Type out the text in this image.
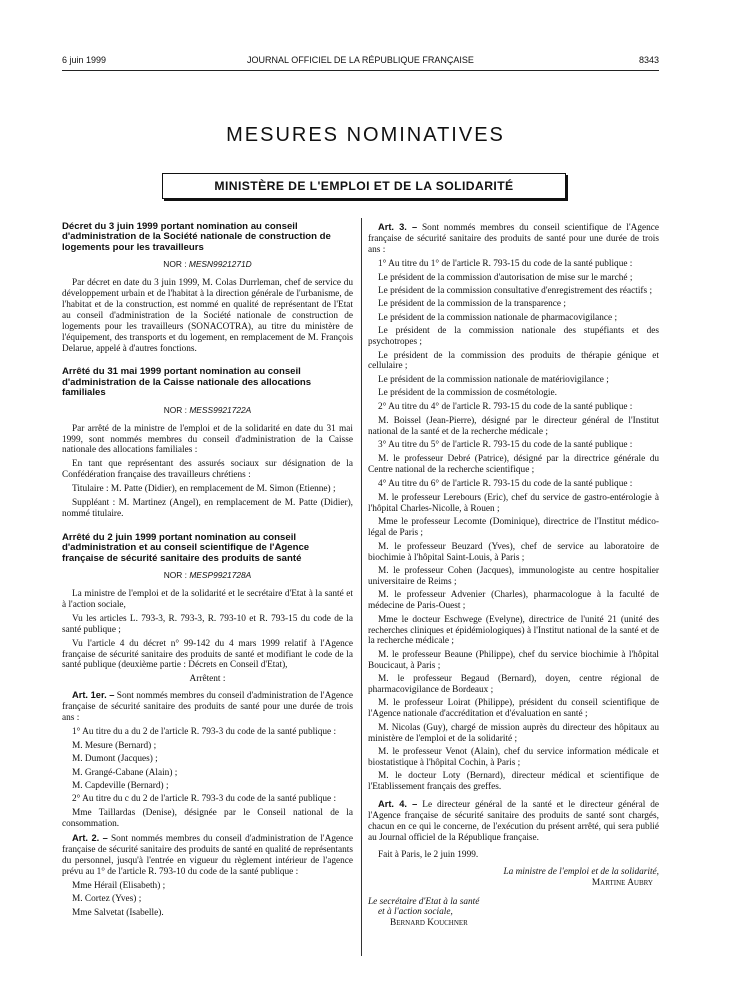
6 juin 1999	JOURNAL OFFICIEL DE LA RÉPUBLIQUE FRANÇAISE	8343
MESURES NOMINATIVES
MINISTÈRE DE L'EMPLOI ET DE LA SOLIDARITÉ
Décret du 3 juin 1999 portant nomination au conseil d'administration de la Société nationale de construction de logements pour les travailleurs
NOR : MESN9921271D

Par décret en date du 3 juin 1999, M. Colas Durrleman, chef de service du développement urbain et de l'habitat à la direction générale de l'urbanisme, de l'habitat et de la construction, est nommé en qualité de représentant de l'Etat au conseil d'administration de la Société nationale de construction de logements pour les travailleurs (SONACOTRA), au titre du ministère de l'équipement, des transports et du logement, en remplacement de M. François Delarue, appelé à d'autres fonctions.

Arrêté du 31 mai 1999 portant nomination au conseil d'administration de la Caisse nationale des allocations familiales
NOR : MESS9921722A

Par arrêté de la ministre de l'emploi et de la solidarité en date du 31 mai 1999, sont nommés membres du conseil d'administration de la Caisse nationale des allocations familiales :

En tant que représentant des assurés sociaux sur désignation de la Confédération française des travailleurs chrétiens :

Titulaire : M. Patte (Didier), en remplacement de M. Simon (Etienne) ;

Suppléant : M. Martinez (Angel), en remplacement de M. Patte (Didier), nommé titulaire.

Arrêté du 2 juin 1999 portant nomination au conseil d'administration et au conseil scientifique de l'Agence française de sécurité sanitaire des produits de santé
NOR : MESP9921728A

La ministre de l'emploi et de la solidarité et le secrétaire d'Etat à la santé et à l'action sociale,

Vu les articles L. 793-3, R. 793-3, R. 793-10 et R. 793-15 du code de la santé publique ;

Vu l'article 4 du décret n° 99-142 du 4 mars 1999 relatif à l'Agence française de sécurité sanitaire des produits de santé et modifiant le code de la santé publique (deuxième partie : Décrets en Conseil d'Etat),

Arrêtent :

Art. 1er. – Sont nommés membres du conseil d'administration de l'Agence française de sécurité sanitaire des produits de santé pour une durée de trois ans :

1° Au titre du a du 2 de l'article R. 793-3 du code de la santé publique :

M. Mesure (Bernard) ;

M. Dumont (Jacques) ;

M. Grangé-Cabane (Alain) ;

M. Capdeville (Bernard) ;

2° Au titre du c du 2 de l'article R. 793-3 du code de la santé publique :

Mme Taillardas (Denise), désignée par le Conseil national de la consommation.

Art. 2. – Sont nommés membres du conseil d'administration de l'Agence française de sécurité sanitaire des produits de santé en qualité de représentants du personnel, jusqu'à l'entrée en vigueur du règlement intérieur de l'agence prévu au 1° de l'article R. 793-10 du code de la santé publique :

Mme Hérail (Elisabeth) ;

M. Cortez (Yves) ;

Mme Salvetat (Isabelle).

Art. 3. – Sont nommés membres du conseil scientifique de l'Agence française de sécurité sanitaire des produits de santé pour une durée de trois ans :

1° Au titre du 1° de l'article R. 793-15 du code de la santé publique :

Le président de la commission d'autorisation de mise sur le marché ;

Le président de la commission consultative d'enregistrement des réactifs ;

Le président de la commission de la transparence ;

Le président de la commission nationale de pharmacovigilance ;

Le président de la commission nationale des stupéfiants et des psychotropes ;

Le président de la commission des produits de thérapie génique et cellulaire ;

Le président de la commission nationale de matériovigilance ;

Le président de la commission de cosmétologie.

2° Au titre du 4° de l'article R. 793-15 du code de la santé publique :

M. Boissel (Jean-Pierre), désigné par le directeur général de l'Institut national de la santé et de la recherche médicale ;

3° Au titre du 5° de l'article R. 793-15 du code de la santé publique :

M. le professeur Debré (Patrice), désigné par la directrice générale du Centre national de la recherche scientifique ;

4° Au titre du 6° de l'article R. 793-15 du code de la santé publique :

M. le professeur Lerebours (Eric), chef du service de gastro-entérologie à l'hôpital Charles-Nicolle, à Rouen ;

Mme le professeur Lecomte (Dominique), directrice de l'Institut médico-légal de Paris ;

M. le professeur Beuzard (Yves), chef de service au laboratoire de biochimie à l'hôpital Saint-Louis, à Paris ;

M. le professeur Cohen (Jacques), immunologiste au centre hospitalier universitaire de Reims ;

M. le professeur Advenier (Charles), pharmacologue à la faculté de médecine de Paris-Ouest ;

Mme le docteur Eschwege (Evelyne), directrice de l'unité 21 (unité des recherches cliniques et épidémiologiques) à l'Institut national de la santé et de la recherche médicale ;

M. le professeur Beaune (Philippe), chef du service biochimie à l'hôpital Boucicaut, à Paris ;

M. le professeur Begaud (Bernard), doyen, centre régional de pharmacovigilance de Bordeaux ;

M. le professeur Loirat (Philippe), président du conseil scientifique de l'Agence nationale d'accréditation et d'évaluation en santé ;

M. Nicolas (Guy), chargé de mission auprès du directeur des hôpitaux au ministère de l'emploi et de la solidarité ;

M. le professeur Venot (Alain), chef du service information médicale et biostatistique à l'hôpital Cochin, à Paris ;

M. le docteur Loty (Bernard), directeur médical et scientifique de l'Etablissement français des greffes.

Art. 4. – Le directeur général de la santé et le directeur général de l'Agence française de sécurité sanitaire des produits de santé sont chargés, chacun en ce qui le concerne, de l'exécution du présent arrêté, qui sera publié au Journal officiel de la République française.

Fait à Paris, le 2 juin 1999.

La ministre de l'emploi et de la solidarité,
Martine Aubry
Le secrétaire d'Etat à la santé
et à l'action sociale,
Bernard Kouchner
